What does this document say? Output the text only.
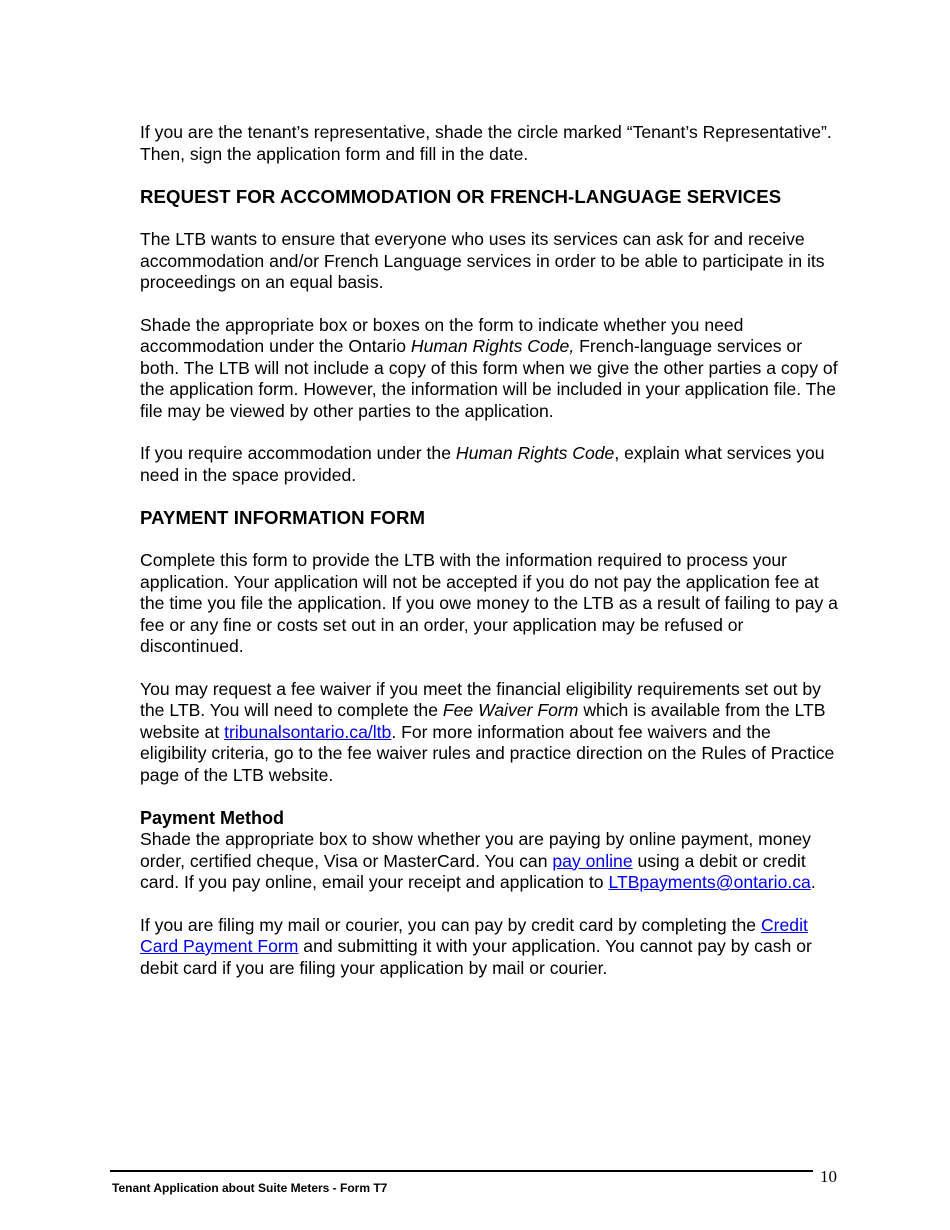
If you are the tenant’s representative, shade the circle marked “Tenant’s Representative”. Then, sign the application form and fill in the date.

REQUEST FOR ACCOMMODATION OR FRENCH-LANGUAGE SERVICES

The LTB wants to ensure that everyone who uses its services can ask for and receive accommodation and/or French Language services in order to be able to participate in its proceedings on an equal basis.

Shade the appropriate box or boxes on the form to indicate whether you need accommodation under the Ontario Human Rights Code, French-language services or both. The LTB will not include a copy of this form when we give the other parties a copy of the application form. However, the information will be included in your application file. The file may be viewed by other parties to the application.

If you require accommodation under the Human Rights Code, explain what services you need in the space provided.

PAYMENT INFORMATION FORM

Complete this form to provide the LTB with the information required to process your application. Your application will not be accepted if you do not pay the application fee at the time you file the application. If you owe money to the LTB as a result of failing to pay a fee or any fine or costs set out in an order, your application may be refused or discontinued.

You may request a fee waiver if you meet the financial eligibility requirements set out by the LTB. You will need to complete the Fee Waiver Form which is available from the LTB website at tribunalsontario.ca/ltb. For more information about fee waivers and the eligibility criteria, go to the fee waiver rules and practice direction on the Rules of Practice page of the LTB website.

Payment Method

Shade the appropriate box to show whether you are paying by online payment, money order, certified cheque, Visa or MasterCard. You can pay online using a debit or credit card. If you pay online, email your receipt and application to LTBpayments@ontario.ca.

If you are filing my mail or courier, you can pay by credit card by completing the Credit Card Payment Form and submitting it with your application. You cannot pay by cash or debit card if you are filing your application by mail or courier.

10
Tenant Application about Suite Meters - Form T7
